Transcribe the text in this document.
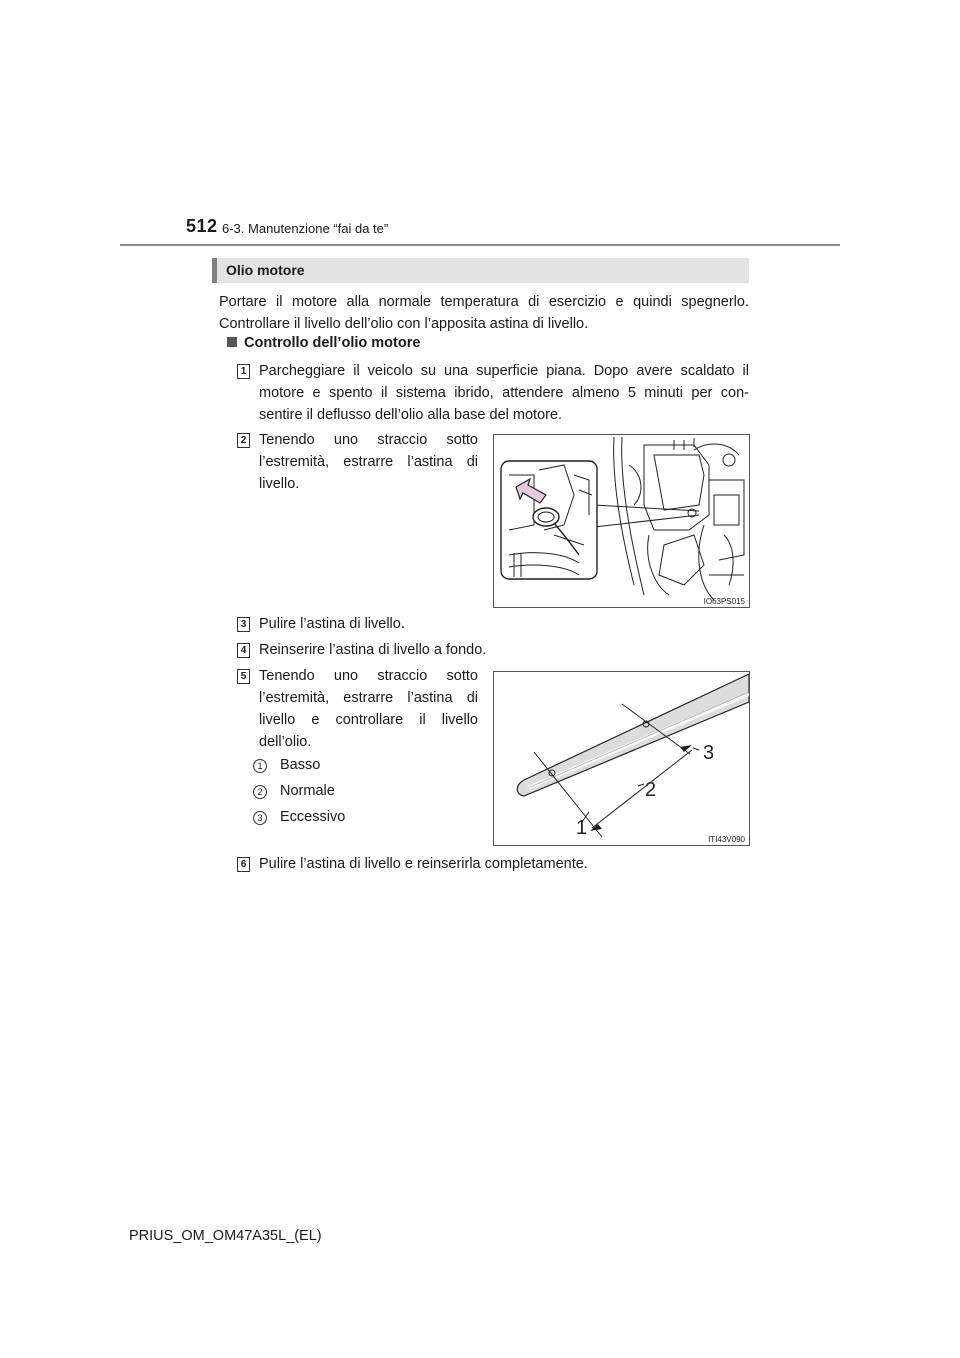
512 6-3. Manutenzione “fai da te”
Olio motore
Portare il motore alla normale temperatura di esercizio e quindi spegnerlo. Controllare il livello dell’olio con l’apposita astina di livello.
Controllo dell’olio motore
1 Parcheggiare il veicolo su una superficie piana. Dopo avere scaldato il
motore e spento il sistema ibrido, attendere almeno 5 minuti per con-
sentire il deflusso dell’olio alla base del motore.
2 Tenendo uno straccio sotto l’estremità, estrarre l’astina di livello.
IO63PS015
3 Pulire l’astina di livello.
4 Reinserire l’astina di livello a fondo.
5 Tenendo uno straccio sotto l’estremità, estrarre l’astina di livello e controllare il livello dell’olio.
1	Basso
2	Normale
3	Eccessivo	1
2
3
ITI43V090
6 Pulire l’astina di livello e reinserirla completamente.
PRIUS_OM_OM47A35L_(EL)
